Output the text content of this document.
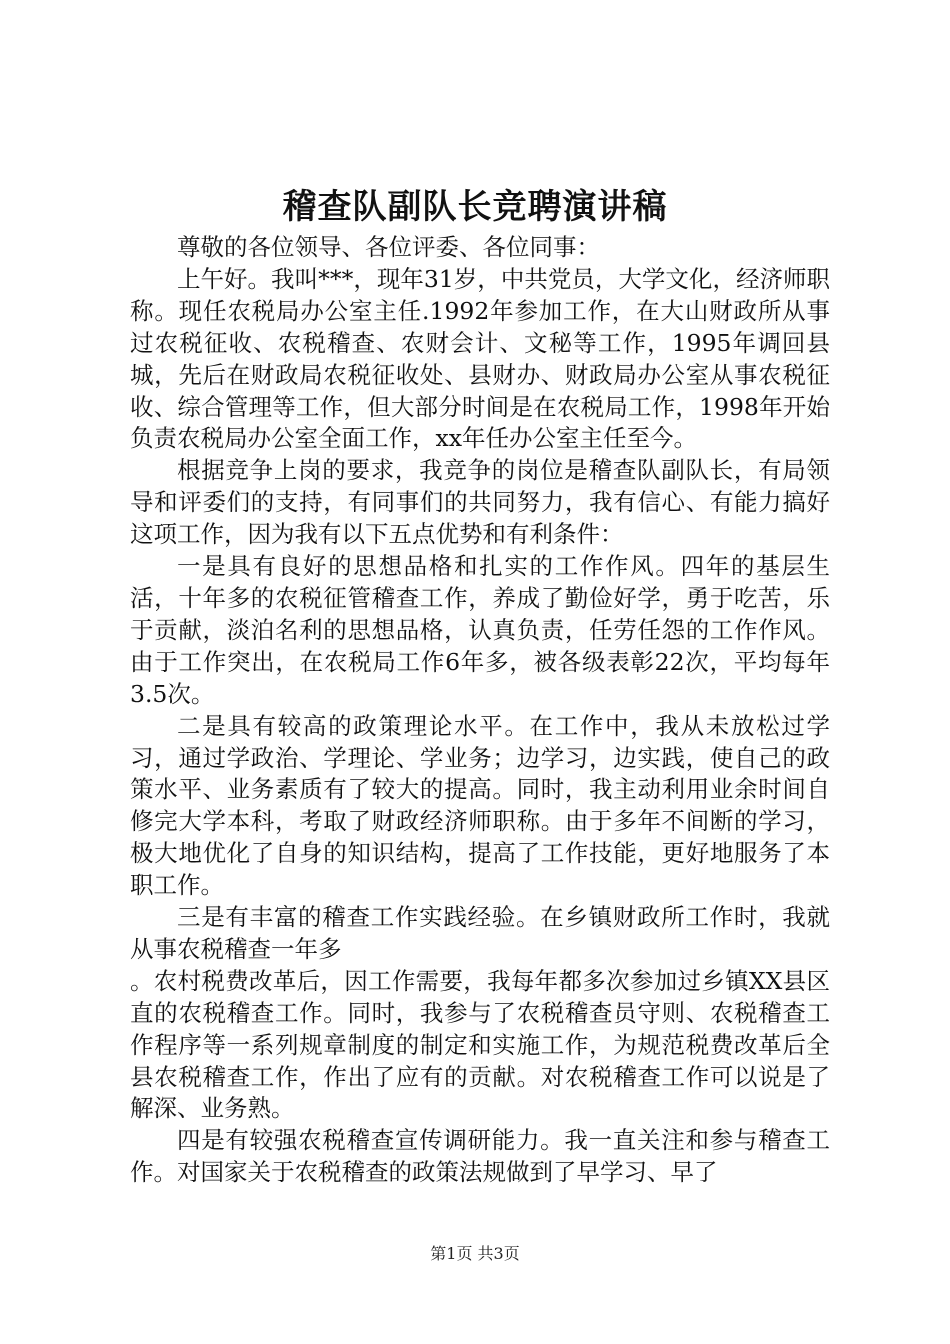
稽查队副队长竞聘演讲稿

尊敬的各位领导、各位评委、各位同事：

上午好。我叫***，现年31岁，中共党员，大学文化，经济师职称。现任农税局办公室主任.1992年参加工作，在大山财政所从事过农税征收、农税稽查、农财会计、文秘等工作，1995年调回县城，先后在财政局农税征收处、县财办、财政局办公室从事农税征收、综合管理等工作，但大部分时间是在农税局工作，1998年开始负责农税局办公室全面工作，xx年任办公室主任至今。

根据竞争上岗的要求，我竞争的岗位是稽查队副队长，有局领导和评委们的支持，有同事们的共同努力，我有信心、有能力搞好这项工作，因为我有以下五点优势和有利条件：

一是具有良好的思想品格和扎实的工作作风。四年的基层生活，十年多的农税征管稽查工作，养成了勤俭好学，勇于吃苦，乐于贡献，淡泊名利的思想品格，认真负责，任劳任怨的工作作风。由于工作突出，在农税局工作6年多，被各级表彰22次，平均每年3.5次。

二是具有较高的政策理论水平。在工作中，我从未放松过学习，通过学政治、学理论、学业务；边学习，边实践，使自己的政策水平、业务素质有了较大的提高。同时，我主动利用业余时间自修完大学本科，考取了财政经济师职称。由于多年不间断的学习，极大地优化了自身的知识结构，提高了工作技能，更好地服务了本职工作。

三是有丰富的稽查工作实践经验。在乡镇财政所工作时，我就从事农税稽查一年多

。农村税费改革后，因工作需要，我每年都多次参加过乡镇XX县区直的农税稽查工作。同时，我参与了农税稽查员守则、农税稽查工作程序等一系列规章制度的制定和实施工作，为规范税费改革后全县农税稽查工作，作出了应有的贡献。对农税稽查工作可以说是了解深、业务熟。

四是有较强农税稽查宣传调研能力。我一直关注和参与稽查工作。对国家关于农税稽查的政策法规做到了早学习、早了

第1页 共3页
